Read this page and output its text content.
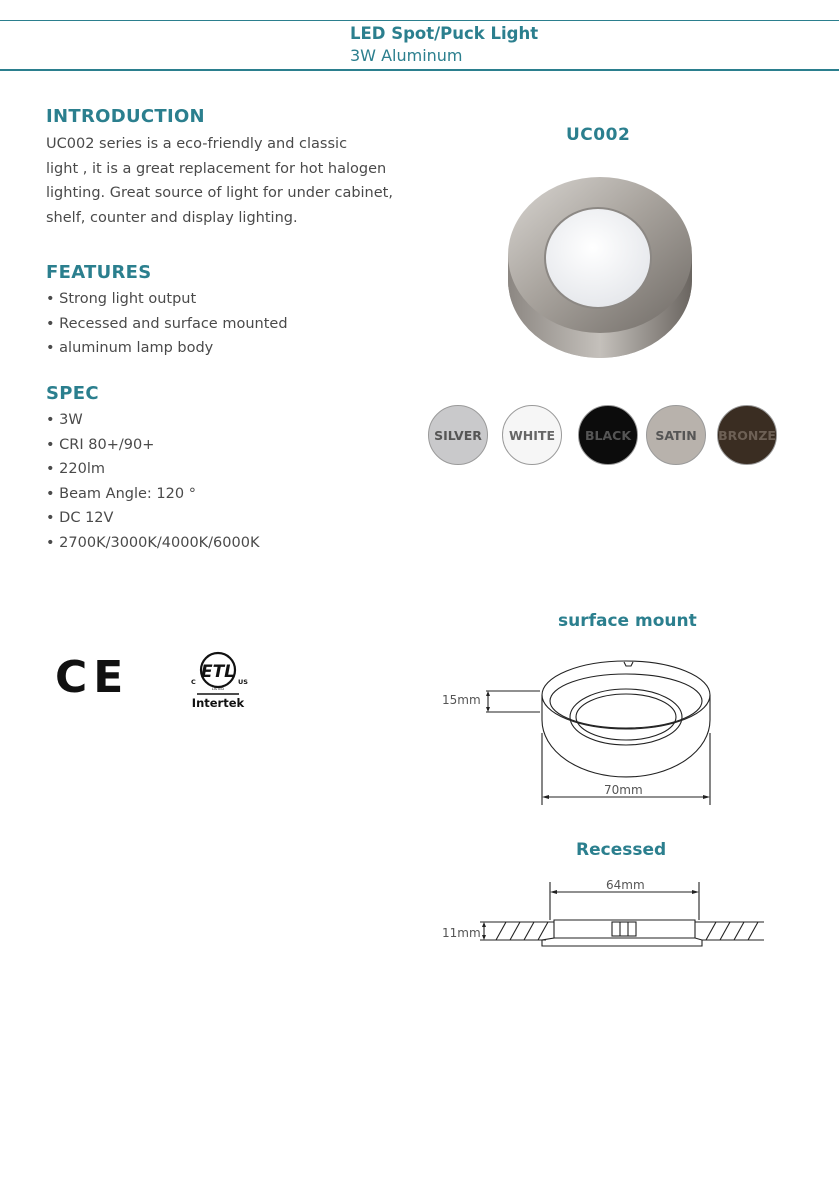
LED Spot/Puck Light
3W Aluminum
INTRODUCTION
UC002 series is a eco-friendly and classic
light , it is a great replacement for hot halogen
lighting. Great source of light for under cabinet,
shelf, counter and display lighting.
FEATURES
• Strong light output
• Recessed and surface mounted
• aluminum lamp body
SPEC
• 3W
• CRI 80+/90+
• 220lm
• Beam Angle: 120 °
• DC 12V
• 2700K/3000K/4000K/6000K
UC002
SILVER WHITE BLACK SATIN BRONZE
CE	ETL
C	US
LISTED
Intertek
surface mount
15mm
70mm
Recessed
64mm
11mm
